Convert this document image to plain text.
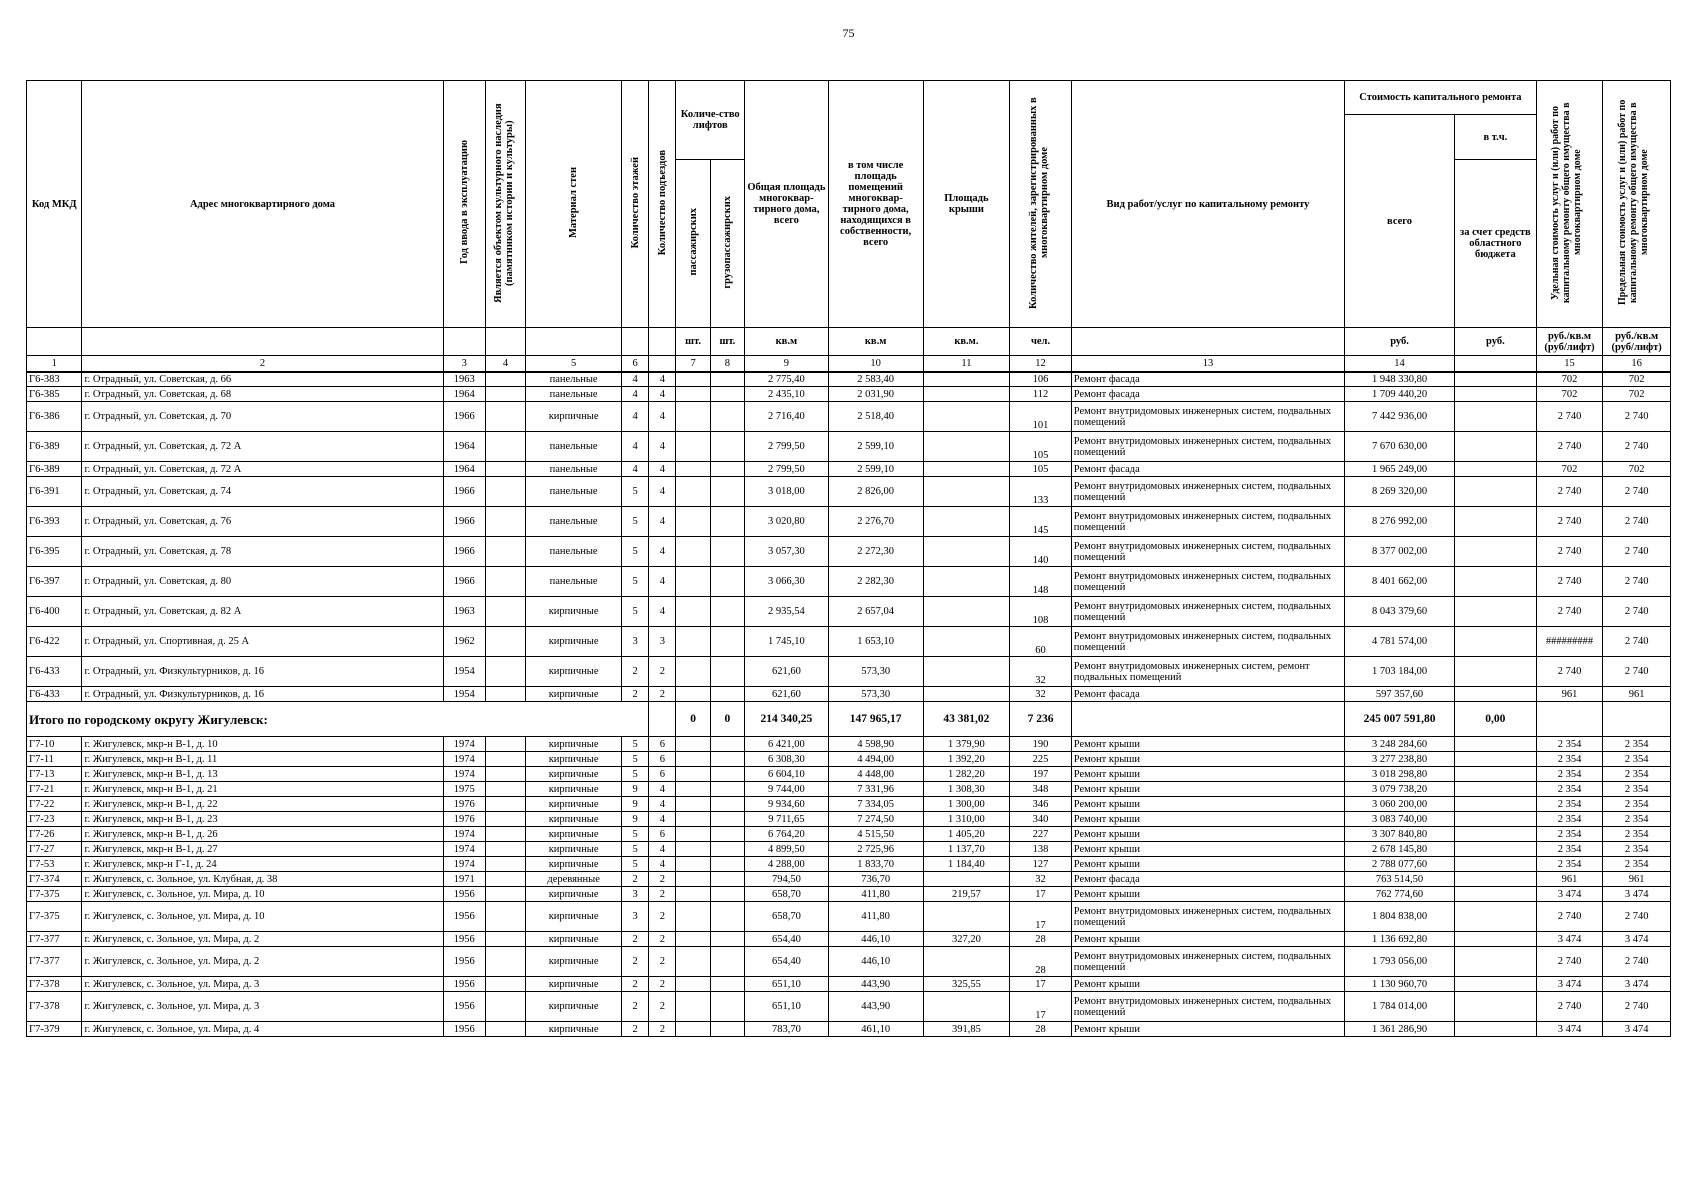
75
Код МКД	Адрес многоквартирного дома	Год ввода в эксплуатацию	Является объектом культурного наследия (памятником истории и культуры)	Материал стен	Количество этажей	Количество подъездов	Количе-ство лифтов		Общая площадь многоквар-тирного дома, всего	в том числе площадь помещений многоквар-тирного дома, находящихся в собственности, всего	Площадь крыши	Количество жителей, зарегистрированных в многоквартирном доме	Вид работ/услуг по капитальному ремонту	Стоимость капитального ремонта		Удельная стоимость услуг и (или) работ по капитальному ремонту общего имущества в многоквартирном доме	Предельная стоимость услуг и (или) работ по капитальному ремонту общего имущества в многоквартирном доме
														всего	в т.ч.		
							пассажирских	грузопассажирских							за счет средств областного бюджета		
							шт.	шт.	кв.м	кв.м	кв.м.	чел.		руб.	руб.	руб./кв.м (руб/лифт)	руб./кв.м (руб/лифт)
1	2	3	4	5	6		7	8	9	10	11	12	13	14		15	16
Г6-383	г. Отрадный, ул. Советская, д. 66	1963		панельные	4	4			2 775,40	2 583,40		106	Ремонт фасада	1 948 330,80		702	702
Г6-385	г. Отрадный, ул. Советская, д. 68	1964		панельные	4	4			2 435,10	2 031,90		112	Ремонт фасада	1 709 440,20		702	702
Г6-386	г. Отрадный, ул. Советская, д. 70	1966		кирпичные	4	4			2 716,40	2 518,40		101	Ремонт внутридомовых инженерных систем, подвальных помещений	7 442 936,00		2 740	2 740
Г6-389	г. Отрадный, ул. Советская, д. 72 А	1964		панельные	4	4			2 799,50	2 599,10		105	Ремонт внутридомовых инженерных систем, подвальных помещений	7 670 630,00		2 740	2 740
Г6-389	г. Отрадный, ул. Советская, д. 72 А	1964		панельные	4	4			2 799,50	2 599,10		105	Ремонт фасада	1 965 249,00		702	702
Г6-391	г. Отрадный, ул. Советская, д. 74	1966		панельные	5	4			3 018,00	2 826,00		133	Ремонт внутридомовых инженерных систем, подвальных помещений	8 269 320,00		2 740	2 740
Г6-393	г. Отрадный, ул. Советская, д. 76	1966		панельные	5	4			3 020,80	2 276,70		145	Ремонт внутридомовых инженерных систем, подвальных помещений	8 276 992,00		2 740	2 740
Г6-395	г. Отрадный, ул. Советская, д. 78	1966		панельные	5	4			3 057,30	2 272,30		140	Ремонт внутридомовых инженерных систем, подвальных помещений	8 377 002,00		2 740	2 740
Г6-397	г. Отрадный, ул. Советская, д. 80	1966		панельные	5	4			3 066,30	2 282,30		148	Ремонт внутридомовых инженерных систем, подвальных помещений	8 401 662,00		2 740	2 740
Г6-400	г. Отрадный, ул. Советская, д. 82 А	1963		кирпичные	5	4			2 935,54	2 657,04		108	Ремонт внутридомовых инженерных систем, подвальных помещений	8 043 379,60		2 740	2 740
Г6-422	г. Отрадный, ул. Спортивная, д. 25 А	1962		кирпичные	3	3			1 745,10	1 653,10		60	Ремонт внутридомовых инженерных систем, подвальных помещений	4 781 574,00		#########	2 740
Г6-433	г. Отрадный, ул. Физкультурников, д. 16	1954		кирпичные	2	2			621,60	573,30		32	Ремонт внутридомовых инженерных систем, ремонт подвальных помещений	1 703 184,00		2 740	2 740
Г6-433	г. Отрадный, ул. Физкультурников, д. 16	1954		кирпичные	2	2			621,60	573,30		32	Ремонт фасада	597 357,60		961	961
Итого по городскому округу Жигулевск:							0	0	214 340,25	147 965,17	43 381,02	7 236		245 007 591,80	0,00		
Г7-10	г. Жигулевск, мкр-н В-1, д. 10	1974		кирпичные	5	6			6 421,00	4 598,90	1 379,90	190	Ремонт крыши	3 248 284,60		2 354	2 354
Г7-11	г. Жигулевск, мкр-н В-1, д. 11	1974		кирпичные	5	6			6 308,30	4 494,00	1 392,20	225	Ремонт крыши	3 277 238,80		2 354	2 354
Г7-13	г. Жигулевск, мкр-н В-1, д. 13	1974		кирпичные	5	6			6 604,10	4 448,00	1 282,20	197	Ремонт крыши	3 018 298,80		2 354	2 354
Г7-21	г. Жигулевск, мкр-н В-1, д. 21	1975		кирпичные	9	4			9 744,00	7 331,96	1 308,30	348	Ремонт крыши	3 079 738,20		2 354	2 354
Г7-22	г. Жигулевск, мкр-н В-1, д. 22	1976		кирпичные	9	4			9 934,60	7 334,05	1 300,00	346	Ремонт крыши	3 060 200,00		2 354	2 354
Г7-23	г. Жигулевск, мкр-н В-1, д. 23	1976		кирпичные	9	4			9 711,65	7 274,50	1 310,00	340	Ремонт крыши	3 083 740,00		2 354	2 354
Г7-26	г. Жигулевск, мкр-н В-1, д. 26	1974		кирпичные	5	6			6 764,20	4 515,50	1 405,20	227	Ремонт крыши	3 307 840,80		2 354	2 354
Г7-27	г. Жигулевск, мкр-н В-1, д. 27	1974		кирпичные	5	4			4 899,50	2 725,96	1 137,70	138	Ремонт крыши	2 678 145,80		2 354	2 354
Г7-53	г. Жигулевск, мкр-н Г-1, д. 24	1974		кирпичные	5	4			4 288,00	1 833,70	1 184,40	127	Ремонт крыши	2 788 077,60		2 354	2 354
Г7-374	г. Жигулевск, с. Зольное, ул. Клубная, д. 38	1971		деревянные	2	2			794,50	736,70		32	Ремонт фасада	763 514,50		961	961
Г7-375	г. Жигулевск, с. Зольное, ул. Мира, д. 10	1956		кирпичные	3	2			658,70	411,80	219,57	17	Ремонт крыши	762 774,60		3 474	3 474
Г7-375	г. Жигулевск, с. Зольное, ул. Мира, д. 10	1956		кирпичные	3	2			658,70	411,80		17	Ремонт внутридомовых инженерных систем, подвальных помещений	1 804 838,00		2 740	2 740
Г7-377	г. Жигулевск, с. Зольное, ул. Мира, д. 2	1956		кирпичные	2	2			654,40	446,10	327,20	28	Ремонт крыши	1 136 692,80		3 474	3 474
Г7-377	г. Жигулевск, с. Зольное, ул. Мира, д. 2	1956		кирпичные	2	2			654,40	446,10		28	Ремонт внутридомовых инженерных систем, подвальных помещений	1 793 056,00		2 740	2 740
Г7-378	г. Жигулевск, с. Зольное, ул. Мира, д. 3	1956		кирпичные	2	2			651,10	443,90	325,55	17	Ремонт крыши	1 130 960,70		3 474	3 474
Г7-378	г. Жигулевск, с. Зольное, ул. Мира, д. 3	1956		кирпичные	2	2			651,10	443,90		17	Ремонт внутридомовых инженерных систем, подвальных помещений	1 784 014,00		2 740	2 740
Г7-379	г. Жигулевск, с. Зольное, ул. Мира, д. 4	1956		кирпичные	2	2			783,70	461,10	391,85	28	Ремонт крыши	1 361 286,90		3 474	3 474
